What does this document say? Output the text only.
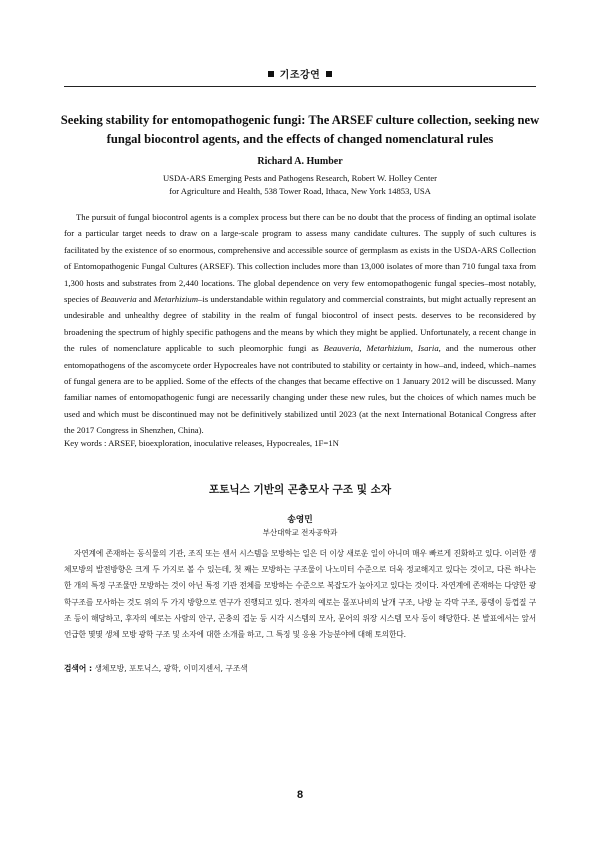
기조강연
Seeking stability for entomopathogenic fungi: The ARSEF culture collection, seeking new fungal biocontrol agents, and the effects of changed nomenclatural rules
Richard A. Humber
USDA-ARS Emerging Pests and Pathogens Research, Robert W. Holley Center
for Agriculture and Health, 538 Tower Road, Ithaca, New York 14853, USA

The pursuit of fungal biocontrol agents is a complex process but there can be no doubt that the process of finding an optimal isolate for a particular target needs to draw on a large-scale program to assess many candidate cultures. The supply of such cultures is facilitated by the existence of so enormous, comprehensive and accessible source of germplasm as exists in the USDA-ARS Collection of Entomopathogenic Fungal Cultures (ARSEF). This collection includes more than 13,000 isolates of more than 710 fungal taxa from 1,300 hosts and substrates from 2,440 locations. The global dependence on very few entomopathogenic fungal species–most notably, species of Beauveria and Metarhizium–is understandable within regulatory and commercial constraints, but might actually represent an undesirable and unhealthy degree of stability in the realm of fungal biocontrol of insect pests. deserves to be reconsidered by broadening the spectrum of highly specific pathogens and the means by which they might be applied. Unfortunately, a recent change in the rules of nomenclature applicable to such pleomorphic fungi as Beauveria, Metarhizium, Isaria, and the numerous other entomopathogens of the ascomycete order Hypocreales have not contributed to stability or certainty in how–and, indeed, which–names of fungal genera are to be applied. Some of the effects of the changes that became effective on 1 January 2012 will be discussed. Many familiar names of entomopathogenic fungi are necessarily changing under these new rules, but the choices of which names much be used and which must be discontinued may not be definitively stabilized until 2023 (at the next International Botanical Congress after the 2017 Congress in Shenzhen, China).

Key words : ARSEF, bioexploration, inoculative releases, Hypocreales, 1F=1N
포토닉스 기반의 곤충모사 구조 및 소자
송영민
부산대학교 전자공학과

자연계에 존재하는 동식물의 기관, 조직 또는 센서 시스템을 모방하는 일은 더 이상 새로운 일이 아니며 매우 빠르게 진화하고 있다. 이러한 생체모방의 발전방향은 크게 두 가지로 볼 수 있는데, 첫 째는 모방하는 구조물이 나노미터 수준으로 더욱 정교해지고 있다는 것이고, 다른 하나는 한 개의 특정 구조물만 모방하는 것이 아닌 특정 기관 전체를 모방하는 수준으로 복잡도가 높아지고 있다는 것이다. 자연계에 존재하는 다양한 광학구조를 모사하는 것도 위의 두 가지 방향으로 연구가 진행되고 있다. 전자의 예로는 몰포나비의 날개 구조, 나방 눈 각막 구조, 풍뎅이 등껍질 구조 등이 해당하고, 후자의 예로는 사람의 안구, 곤충의 겹눈 등 시각 시스템의 모사, 문어의 위장 시스템 모사 등이 해당한다. 본 발표에서는 앞서 언급한 몇몇 생체 모방 광학 구조 및 소자에 대한 소개를 하고, 그 특징 및 응용 가능분야에 대해 토의한다.

검색어 : 생체모방, 포토닉스, 광학, 이미지센서, 구조색
8
